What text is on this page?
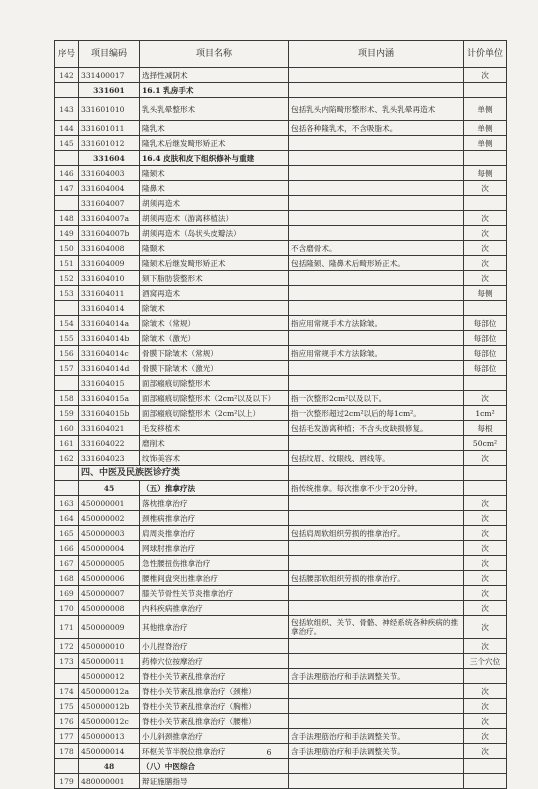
序号	项目编码	项目名称	项目内涵	计价单位
142	331400017	选择性减阴术		次
	331601	16.1 乳房手术		
143	331601010	乳头乳晕整形术	包括乳头内陷畸形整形术、乳头乳晕再造术	单侧
144	331601011	隆乳术	包括各种隆乳术，不含吸脂术。	单侧
145	331601012	隆乳术后继发畸形矫正术		单侧
	331604	16.4 皮肤和皮下组织修补与重建		
146	331604003	隆颏术		每侧
147	331604004	隆鼻术		次
	331604007	胡须再造术		
148	331604007a	胡须再造术（游离移植法）		次
149	331604007b	胡须再造术（岛状头皮瓣法）		次
150	331604008	隆颞术	不含磨骨术。	次
151	331604009	隆颏术后继发畸形矫正术	包括隆颏、隆鼻术后畸形矫正术。	次
152	331604010	颏下脂肪袋整形术		次
153	331604011	酒窝再造术		每侧
	331604014	除皱术		
154	331604014a	除皱术（常规）	指应用常规手术方法除皱。	每部位
155	331604014b	除皱术（激光）		每部位
156	331604014c	骨膜下除皱术（常规）	指应用常规手术方法除皱。	每部位
157	331604014d	骨膜下除皱术（激光）		每部位
	331604015	面部瘢痕切除整形术		
158	331604015a	面部瘢痕切除整形术（2cm²以及以下）	指一次整形2cm²以及以下。	次
159	331604015b	面部瘢痕切除整形术（2cm²以上）	指一次整形超过2cm²以后的每1cm²。	1cm²
160	331604021	毛发移植术	包括毛发游离种植；不含头皮缺损修复。	每根
161	331604022	磨削术		50cm²
162	331604023	纹饰美容术	包括纹眉、纹眼线、唇线等。	次
	四、中医及民族医诊疗类			
	45	（五）推拿疗法	指传统推拿。每次推拿不少于20分钟。	
163	450000001	落枕推拿治疗		次
164	450000002	颈椎病推拿治疗		次
165	450000003	肩周炎推拿治疗	包括肩周软组织劳损的推拿治疗。	次
166	450000004	网球肘推拿治疗		次
167	450000005	急性腰扭伤推拿治疗		次
168	450000006	腰椎间盘突出推拿治疗	包括腰部软组织劳损的推拿治疗。	次
169	450000007	膝关节骨性关节炎推拿治疗		次
170	450000008	内科疾病推拿治疗		次
171	450000009	其他推拿治疗	包括软组织、关节、骨骼、神经系统各种疾病的推拿治疗。	次
172	450000010	小儿捏脊治疗		次
173	450000011	药棒穴位按摩治疗		三个穴位
	450000012	脊柱小关节紊乱推拿治疗	含手法理筋治疗和手法调整关节。	
174	450000012a	脊柱小关节紊乱推拿治疗（颈椎）		次
175	450000012b	脊柱小关节紊乱推拿治疗（胸椎）		次
176	450000012c	脊柱小关节紊乱推拿治疗（腰椎）		次
177	450000013	小儿斜颈推拿治疗	含手法理筋治疗和手法调整关节。	次
178	450000014	环枢关节半脱位推拿治疗	含手法理筋治疗和手法调整关节。	次
	48	（八）中医综合		
179	480000001	辩证施膳指导		
6
